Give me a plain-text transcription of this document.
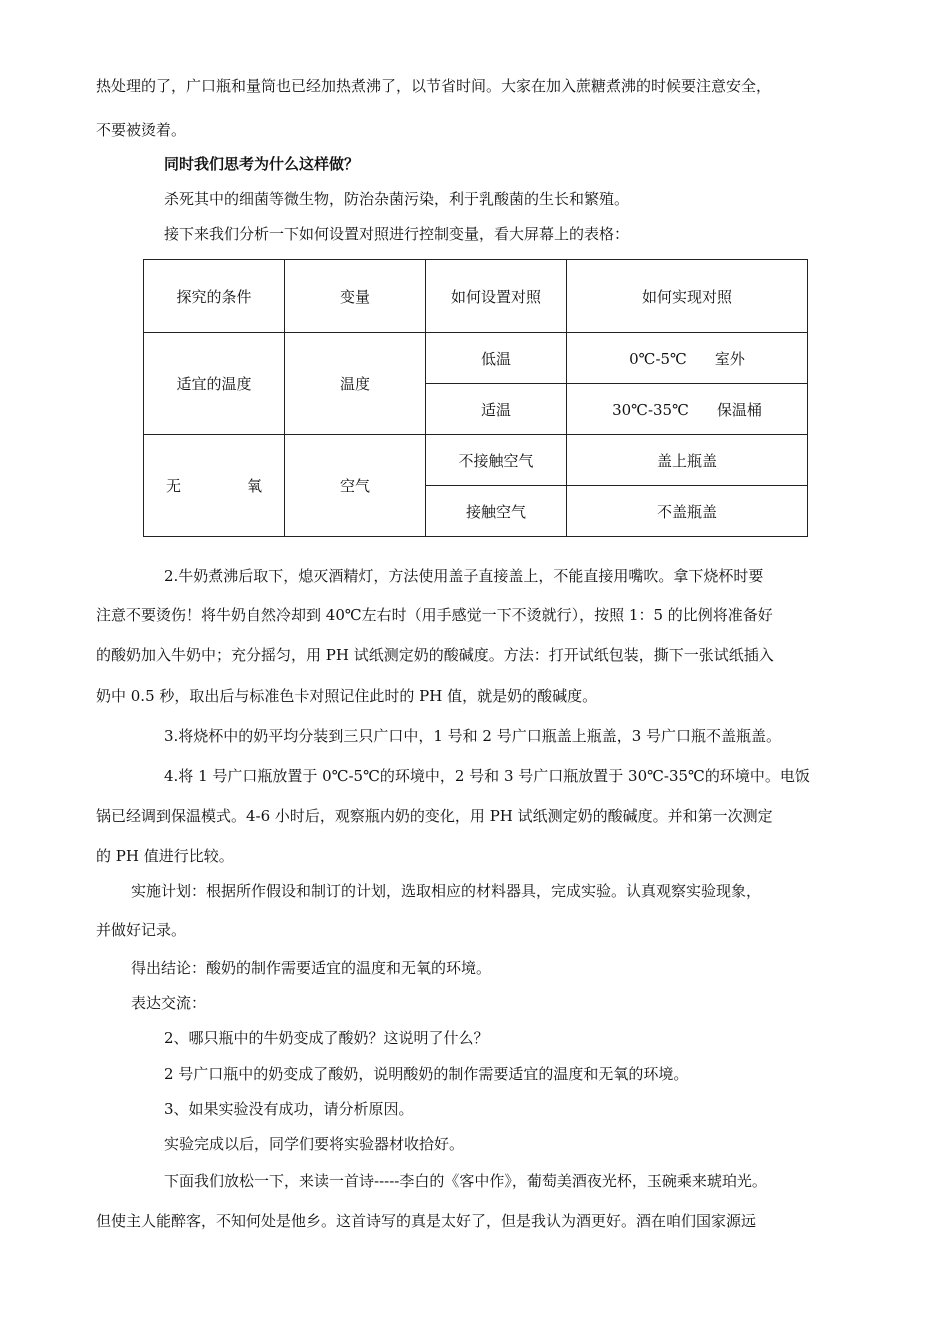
热处理的了，广口瓶和量筒也已经加热煮沸了，以节省时间。大家在加入蔗糖煮沸的时候要注意安全，
不要被烫着。
同时我们思考为什么这样做？
杀死其中的细菌等微生物，防治杂菌污染，利于乳酸菌的生长和繁殖。
接下来我们分析一下如何设置对照进行控制变量，看大屏幕上的表格：
探究的条件	变量	如何设置对照	如何实现对照
适宜的温度	温度	低温	0℃-5℃ 室外
		适温	30℃-35℃ 保温桶

无 氧	空气	不接触空气	盖上瓶盖
		接触空气	不盖瓶盖
2.牛奶煮沸后取下，熄灭酒精灯，方法使用盖子直接盖上，不能直接用嘴吹。拿下烧杯时要
注意不要烫伤！将牛奶自然冷却到 40℃左右时（用手感觉一下不烫就行），按照 1：5 的比例将准备好
的酸奶加入牛奶中；充分摇匀，用 PH 试纸测定奶的酸碱度。方法：打开试纸包装，撕下一张试纸插入
奶中 0.5 秒，取出后与标准色卡对照记住此时的 PH 值，就是奶的酸碱度。
3.将烧杯中的奶平均分装到三只广口中，1 号和 2 号广口瓶盖上瓶盖，3 号广口瓶不盖瓶盖。
4.将 1 号广口瓶放置于 0℃-5℃的环境中，2 号和 3 号广口瓶放置于 30℃-35℃的环境中。电饭
锅已经调到保温模式。4-6 小时后，观察瓶内奶的变化，用 PH 试纸测定奶的酸碱度。并和第一次测定
的 PH 值进行比较。
实施计划：根据所作假设和制订的计划，选取相应的材料器具，完成实验。认真观察实验现象，
并做好记录。
得出结论：酸奶的制作需要适宜的温度和无氧的环境。
表达交流：
2、哪只瓶中的牛奶变成了酸奶？这说明了什么？
2 号广口瓶中的奶变成了酸奶，说明酸奶的制作需要适宜的温度和无氧的环境。
3、如果实验没有成功，请分析原因。
实验完成以后，同学们要将实验器材收拾好。
下面我们放松一下，来读一首诗-----李白的《客中作》，葡萄美酒夜光杯，玉碗乘来琥珀光。
但使主人能醉客，不知何处是他乡。这首诗写的真是太好了，但是我认为酒更好。酒在咱们国家源远
